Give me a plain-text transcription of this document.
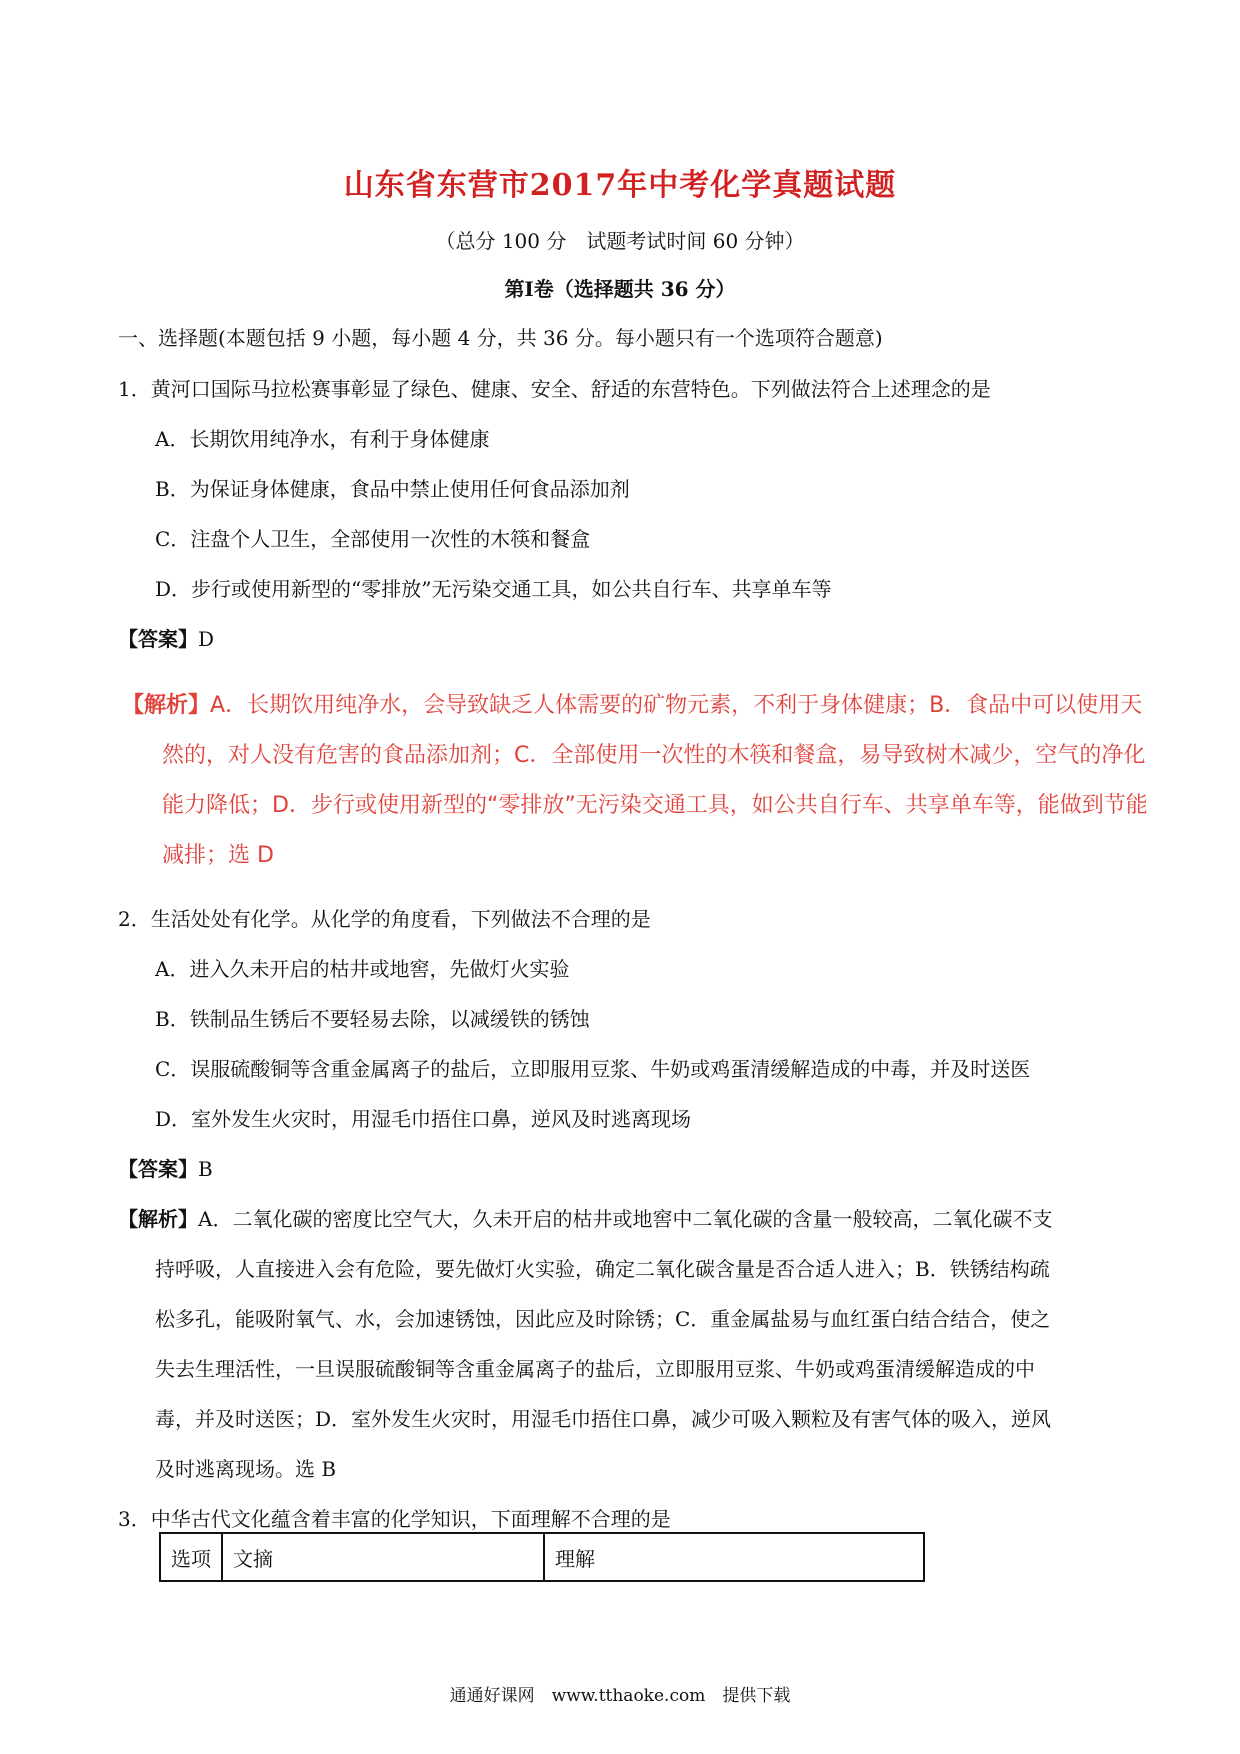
山东省东营市2017年中考化学真题试题
（总分 100 分　试题考试时间 60 分钟）
第Ⅰ卷（选择题共 36 分）
一、选择题(本题包括 9 小题，每小题 4 分，共 36 分。每小题只有一个选项符合题意)
1．黄河口国际马拉松赛事彰显了绿色、健康、安全、舒适的东营特色。下列做法符合上述理念的是
A．长期饮用纯净水，有利于身体健康
B．为保证身体健康，食品中禁止使用任何食品添加剂
C．注盘个人卫生，全部使用一次性的木筷和餐盒
D．步行或使用新型的“零排放”无污染交通工具，如公共自行车、共享单车等
【答案】D
【解析】A．长期饮用纯净水，会导致缺乏人体需要的矿物元素，不利于身体健康；B．食品中可以使用天
然的，对人没有危害的食品添加剂；C．全部使用一次性的木筷和餐盒，易导致树木减少，空气的净化
能力降低；D．步行或使用新型的“零排放”无污染交通工具，如公共自行车、共享单车等，能做到节能
减排；选 D
2．生活处处有化学。从化学的角度看，下列做法不合理的是
A．进入久未开启的枯井或地窖，先做灯火实验
B．铁制品生锈后不要轻易去除，以减缓铁的锈蚀
C．误服硫酸铜等含重金属离子的盐后，立即服用豆浆、牛奶或鸡蛋清缓解造成的中毒，并及时送医
D．室外发生火灾时，用湿毛巾捂住口鼻，逆风及时逃离现场
【答案】B
【解析】A．二氧化碳的密度比空气大，久未开启的枯井或地窖中二氧化碳的含量一般较高，二氧化碳不支
持呼吸，人直接进入会有危险，要先做灯火实验，确定二氧化碳含量是否合适人进入；B．铁锈结构疏
松多孔，能吸附氧气、水，会加速锈蚀，因此应及时除锈；C．重金属盐易与血红蛋白结合结合，使之
失去生理活性，一旦误服硫酸铜等含重金属离子的盐后，立即服用豆浆、牛奶或鸡蛋清缓解造成的中
毒，并及时送医；D．室外发生火灾时，用湿毛巾捂住口鼻，减少可吸入颗粒及有害气体的吸入，逆风
及时逃离现场。选 B
3．中华古代文化蕴含着丰富的化学知识，下面理解不合理的是
选项	文摘	理解
通通好课网　www.tthaoke.com　提供下载
